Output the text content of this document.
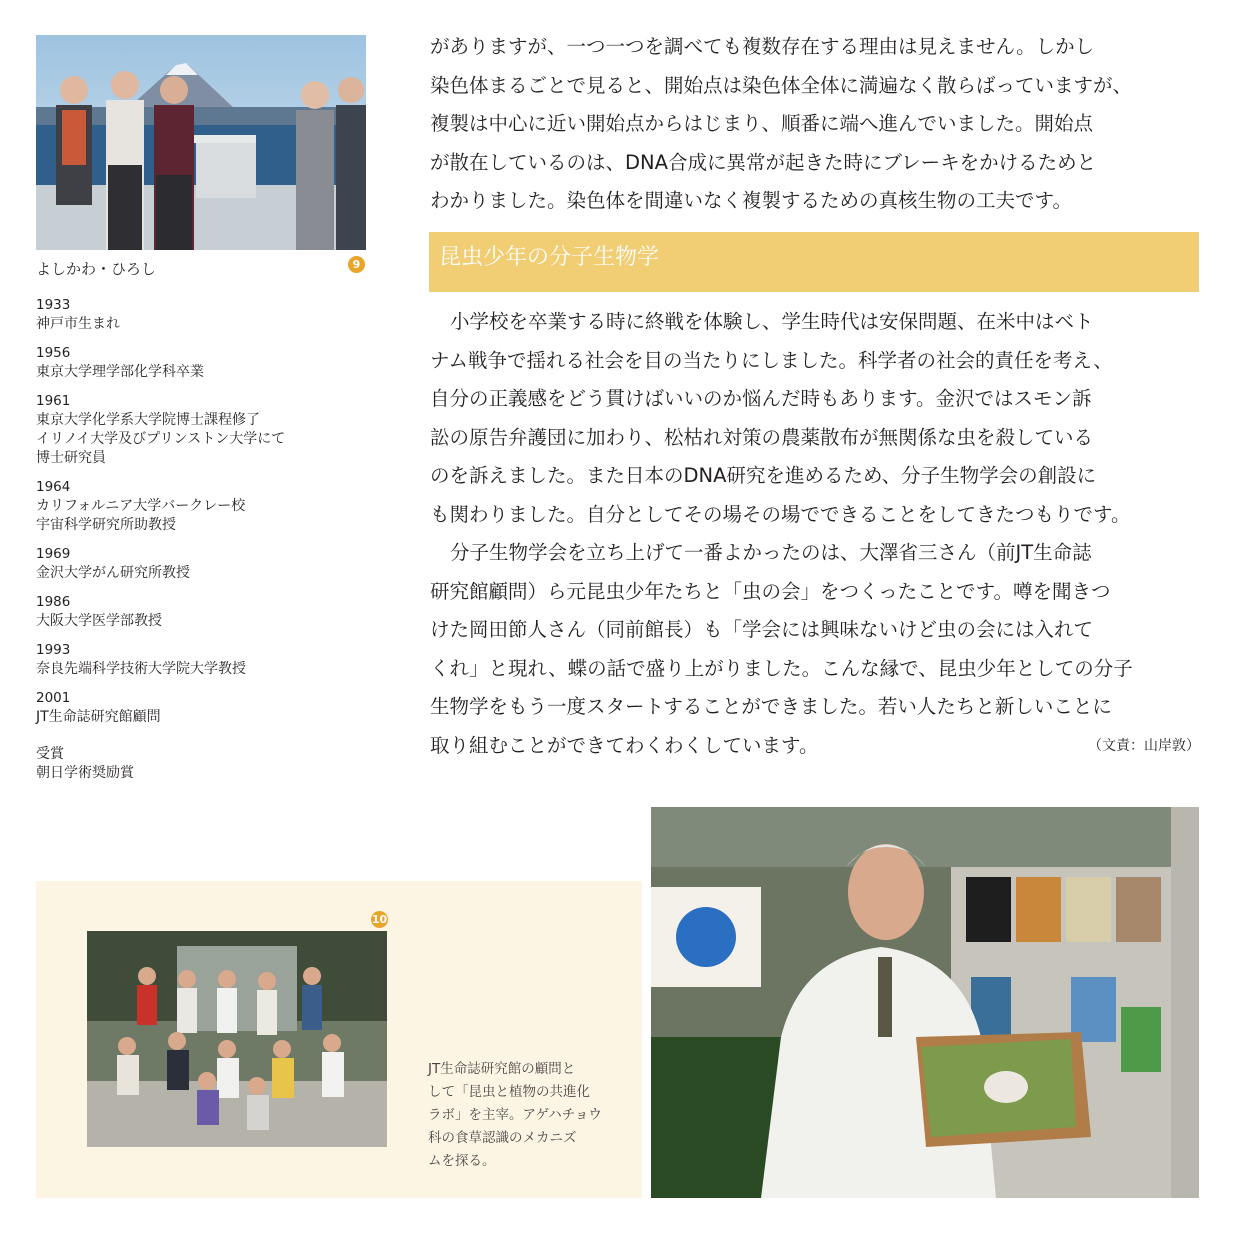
よしかわ・ひろし	9
1933
神戸市生まれ
1956
東京大学理学部化学科卒業
1961
東京大学化学系大学院博士課程修了
イリノイ大学及びプリンストン大学にて
博士研究員
1964
カリフォルニア大学バークレー校
宇宙科学研究所助教授
1969
金沢大学がん研究所教授
1986
大阪大学医学部教授
1993
奈良先端科学技術大学院大学教授
2001
JT生命誌研究館顧問
受賞
朝日学術奨励賞
がありますが、一つ一つを調べても複数存在する理由は見えません。しかし
染色体まるごとで見ると、開始点は染色体全体に満遍なく散らばっていますが、
複製は中心に近い開始点からはじまり、順番に端へ進んでいました。開始点
が散在しているのは、DNA合成に異常が起きた時にブレーキをかけるためと
わかりました。染色体を間違いなく複製するための真核生物の工夫です。
昆虫少年の分子生物学
小学校を卒業する時に終戦を体験し、学生時代は安保問題、在米中はベト
ナム戦争で揺れる社会を目の当たりにしました。科学者の社会的責任を考え、
自分の正義感をどう貫けばいいのか悩んだ時もあります。金沢ではスモン訴
訟の原告弁護団に加わり、松枯れ対策の農薬散布が無関係な虫を殺している
のを訴えました。また日本のDNA研究を進めるため、分子生物学会の創設に
も関わりました。自分としてその場その場でできることをしてきたつもりです。
分子生物学会を立ち上げて一番よかったのは、大澤省三さん（前JT生命誌
研究館顧問）ら元昆虫少年たちと「虫の会」をつくったことです。噂を聞きつ
けた岡田節人さん（同前館長）も「学会には興味ないけど虫の会には入れて
くれ」と現れ、蝶の話で盛り上がりました。こんな縁で、昆虫少年としての分子
生物学をもう一度スタートすることができました。若い人たちと新しいことに
取り組むことができてわくわくしています。	（文責：山岸敦）
10
JT生命誌研究館の顧問と
して「昆虫と植物の共進化
ラボ」を主宰。アゲハチョウ
科の食草認識のメカニズ
ムを探る。
